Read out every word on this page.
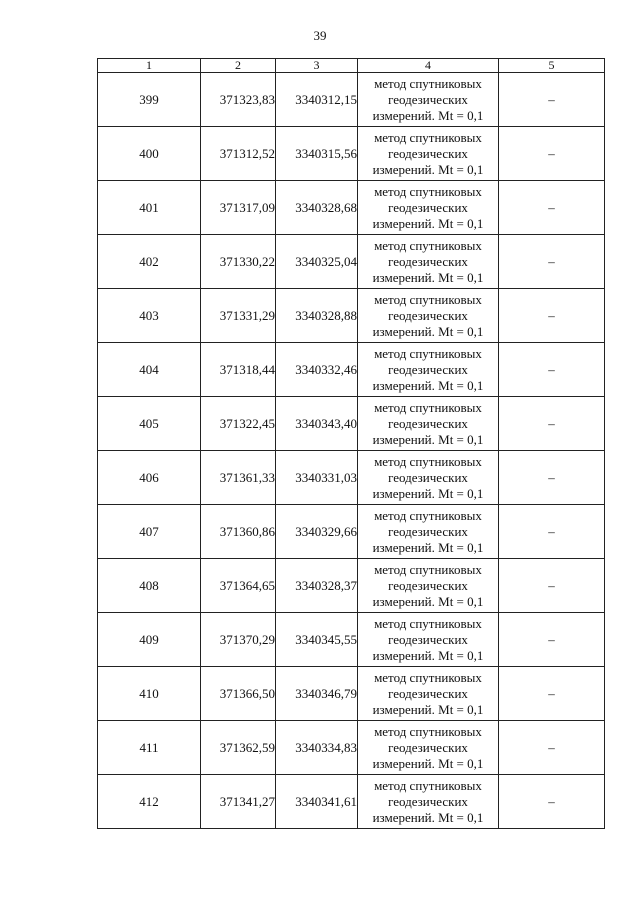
39
1	2	3	4	5
399	371323,83	3340312,15	метод спутниковых
геодезических
измерений. Mt = 0,1	–
400	371312,52	3340315,56	метод спутниковых
геодезических
измерений. Mt = 0,1	–
401	371317,09	3340328,68	метод спутниковых
геодезических
измерений. Mt = 0,1	–
402	371330,22	3340325,04	метод спутниковых
геодезических
измерений. Mt = 0,1	–
403	371331,29	3340328,88	метод спутниковых
геодезических
измерений. Mt = 0,1	–
404	371318,44	3340332,46	метод спутниковых
геодезических
измерений. Mt = 0,1	–
405	371322,45	3340343,40	метод спутниковых
геодезических
измерений. Mt = 0,1	–
406	371361,33	3340331,03	метод спутниковых
геодезических
измерений. Mt = 0,1	–
407	371360,86	3340329,66	метод спутниковых
геодезических
измерений. Mt = 0,1	–
408	371364,65	3340328,37	метод спутниковых
геодезических
измерений. Mt = 0,1	–
409	371370,29	3340345,55	метод спутниковых
геодезических
измерений. Mt = 0,1	–
410	371366,50	3340346,79	метод спутниковых
геодезических
измерений. Mt = 0,1	–
411	371362,59	3340334,83	метод спутниковых
геодезических
измерений. Mt = 0,1	–
412	371341,27	3340341,61	метод спутниковых
геодезических
измерений. Mt = 0,1	–
